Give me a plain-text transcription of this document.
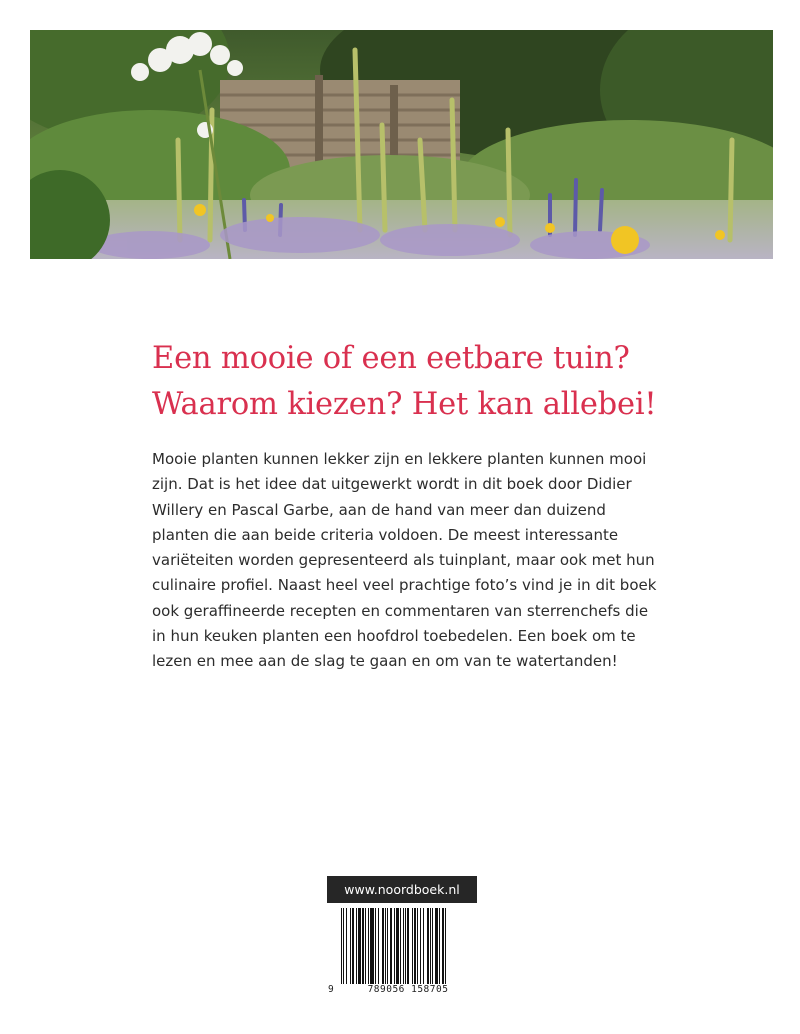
Een mooie of een eetbare tuin?
Waarom kiezen? Het kan allebei!
Mooie planten kunnen lekker zijn en lekkere planten kunnen mooi
zijn. Dat is het idee dat uitgewerkt wordt in dit boek door Didier
Willery en Pascal Garbe, aan de hand van meer dan duizend
planten die aan beide criteria voldoen. De meest interessante
variëteiten worden gepresenteerd als tuinplant, maar ook met hun
culinaire profiel. Naast heel veel prachtige foto’s vind je in dit boek
ook geraffineerde recepten en commentaren van sterrenchefs die
in hun keuken planten een hoofdrol toebedelen. Een boek om te
lezen en mee aan de slag te gaan en om van te watertanden!
www.noordboek.nl
9	789056 158705
